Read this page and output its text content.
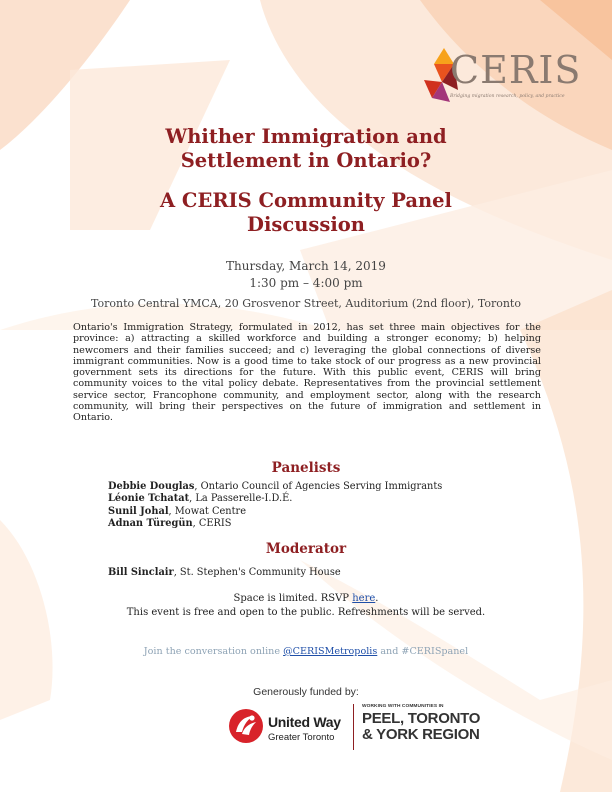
CERIS
Bridging migration research, policy, and practice
Whither Immigration and
Settlement in Ontario?
A CERIS Community Panel
Discussion
Thursday, March 14, 2019
1:30 pm – 4:00 pm
Toronto Central YMCA, 20 Grosvenor Street, Auditorium (2nd floor), Toronto
Ontario's Immigration Strategy, formulated in 2012, has set three main objectives for the province: a) attracting a skilled workforce and building a stronger economy; b) helping newcomers and their families succeed; and c) leveraging the global connections of diverse immigrant communities. Now is a good time to take stock of our progress as a new provincial government sets its directions for the future. With this public event, CERIS will bring community voices to the vital policy debate. Representatives from the provincial settlement service sector, Francophone community, and employment sector, along with the research community, will bring their perspectives on the future of immigration and settlement in Ontario.
Panelists
Debbie Douglas, Ontario Council of Agencies Serving Immigrants
Léonie Tchatat, La Passerelle-I.D.É.
Sunil Johal, Mowat Centre
Adnan Türegün, CERIS
Moderator
Bill Sinclair, St. Stephen's Community House
Space is limited. RSVP here.
This event is free and open to the public. Refreshments will be served.
Join the conversation online @CERISMetropolis and #CERISpanel
Generously funded by:
United Way
Greater Toronto
WORKING WITH COMMUNITIES IN
PEEL, TORONTO
& YORK REGION
